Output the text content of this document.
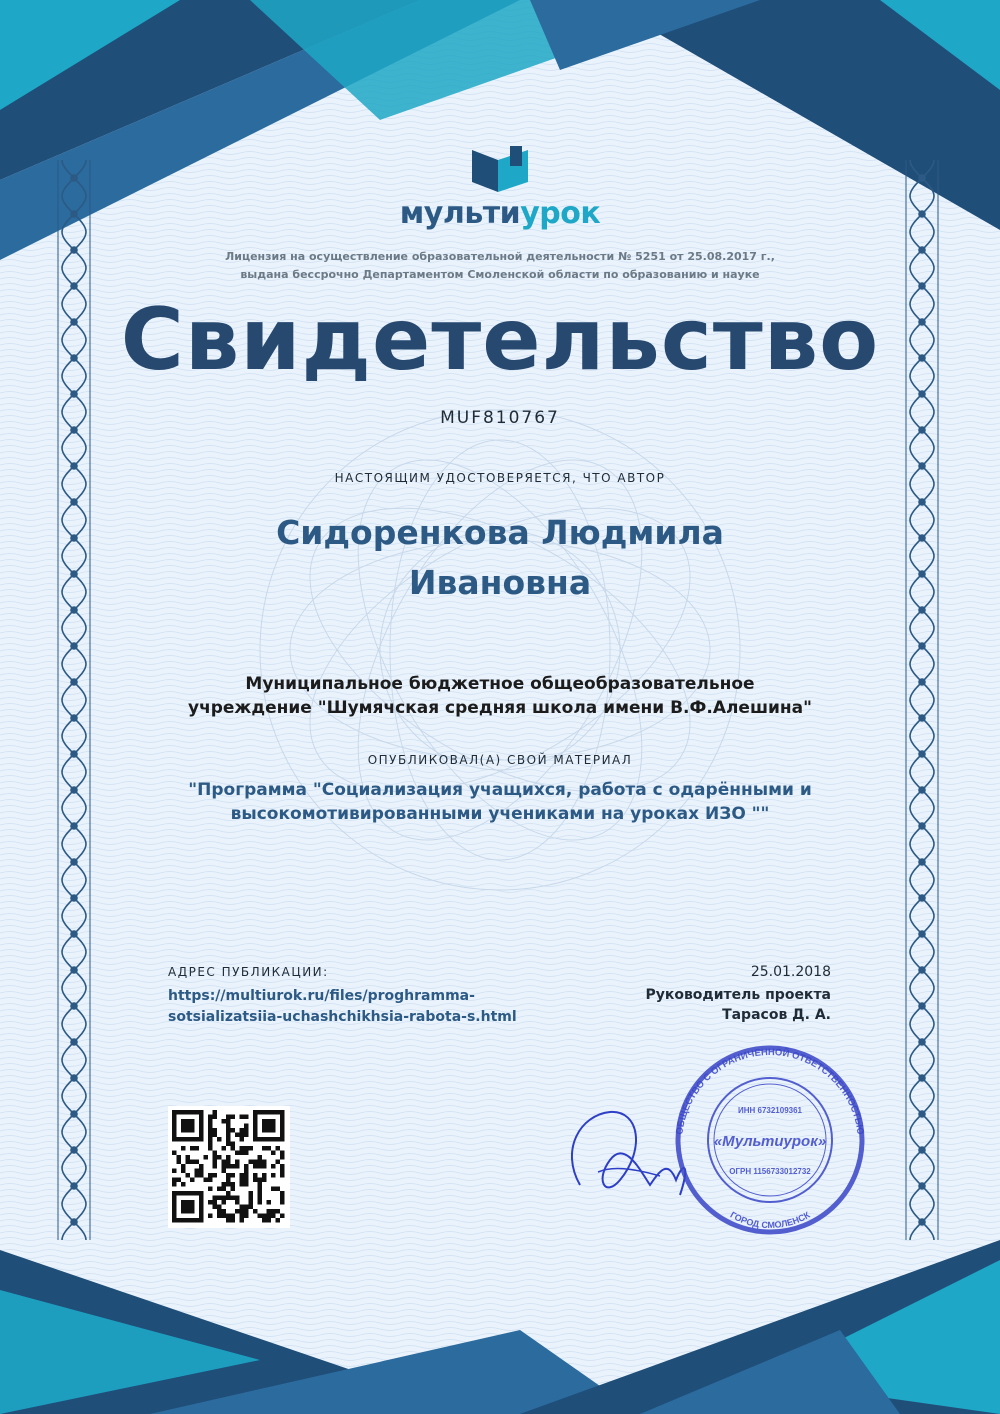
мультиурок
Лицензия на осуществление образовательной деятельности № 5251 от 25.08.2017 г.,
выдана бессрочно Департаментом Смоленской области по образованию и науке
Свидетельство
MUF810767
НАСТОЯЩИМ УДОСТОВЕРЯЕТСЯ, ЧТО АВТОР
Сидоренкова Людмила
Ивановна
Муниципальное бюджетное общеобразовательное
учреждение "Шумячская средняя школа имени В.Ф.Алешина"
ОПУБЛИКОВАЛ(А) СВОЙ МАТЕРИАЛ
"Программа "Социализация учащихся, работа с одарёнными и
высокомотивированными учениками на уроках ИЗО ""
АДРЕС ПУБЛИКАЦИИ:
https://multiurok.ru/files/proghramma-
sotsializatsiia-uchashchikhsia-rabota-s.html
25.01.2018
Руководитель проекта
Тарасов Д. А.
ОБЩЕСТВО С ОГРАНИЧЕННОЙ ОТВЕТСТВЕННОСТЬЮ
ГОРОД СМОЛЕНСК
ИНН 6732109361
«Мультиурок»
ОГРН 1156733012732
